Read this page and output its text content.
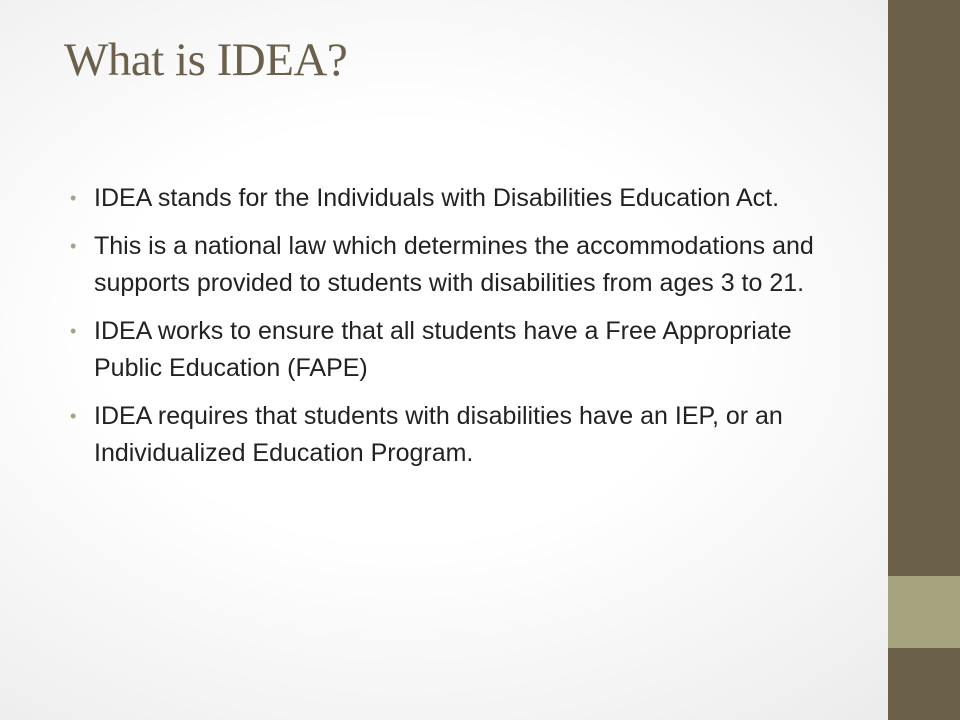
What is IDEA?
• IDEA stands for the Individuals with Disabilities Education Act.
• This is a national law which determines the accommodations and supports provided to students with disabilities from ages 3 to 21.
• IDEA works to ensure that all students have a Free Appropriate Public Education (FAPE)
• IDEA requires that students with disabilities have an IEP, or an Individualized Education Program.
